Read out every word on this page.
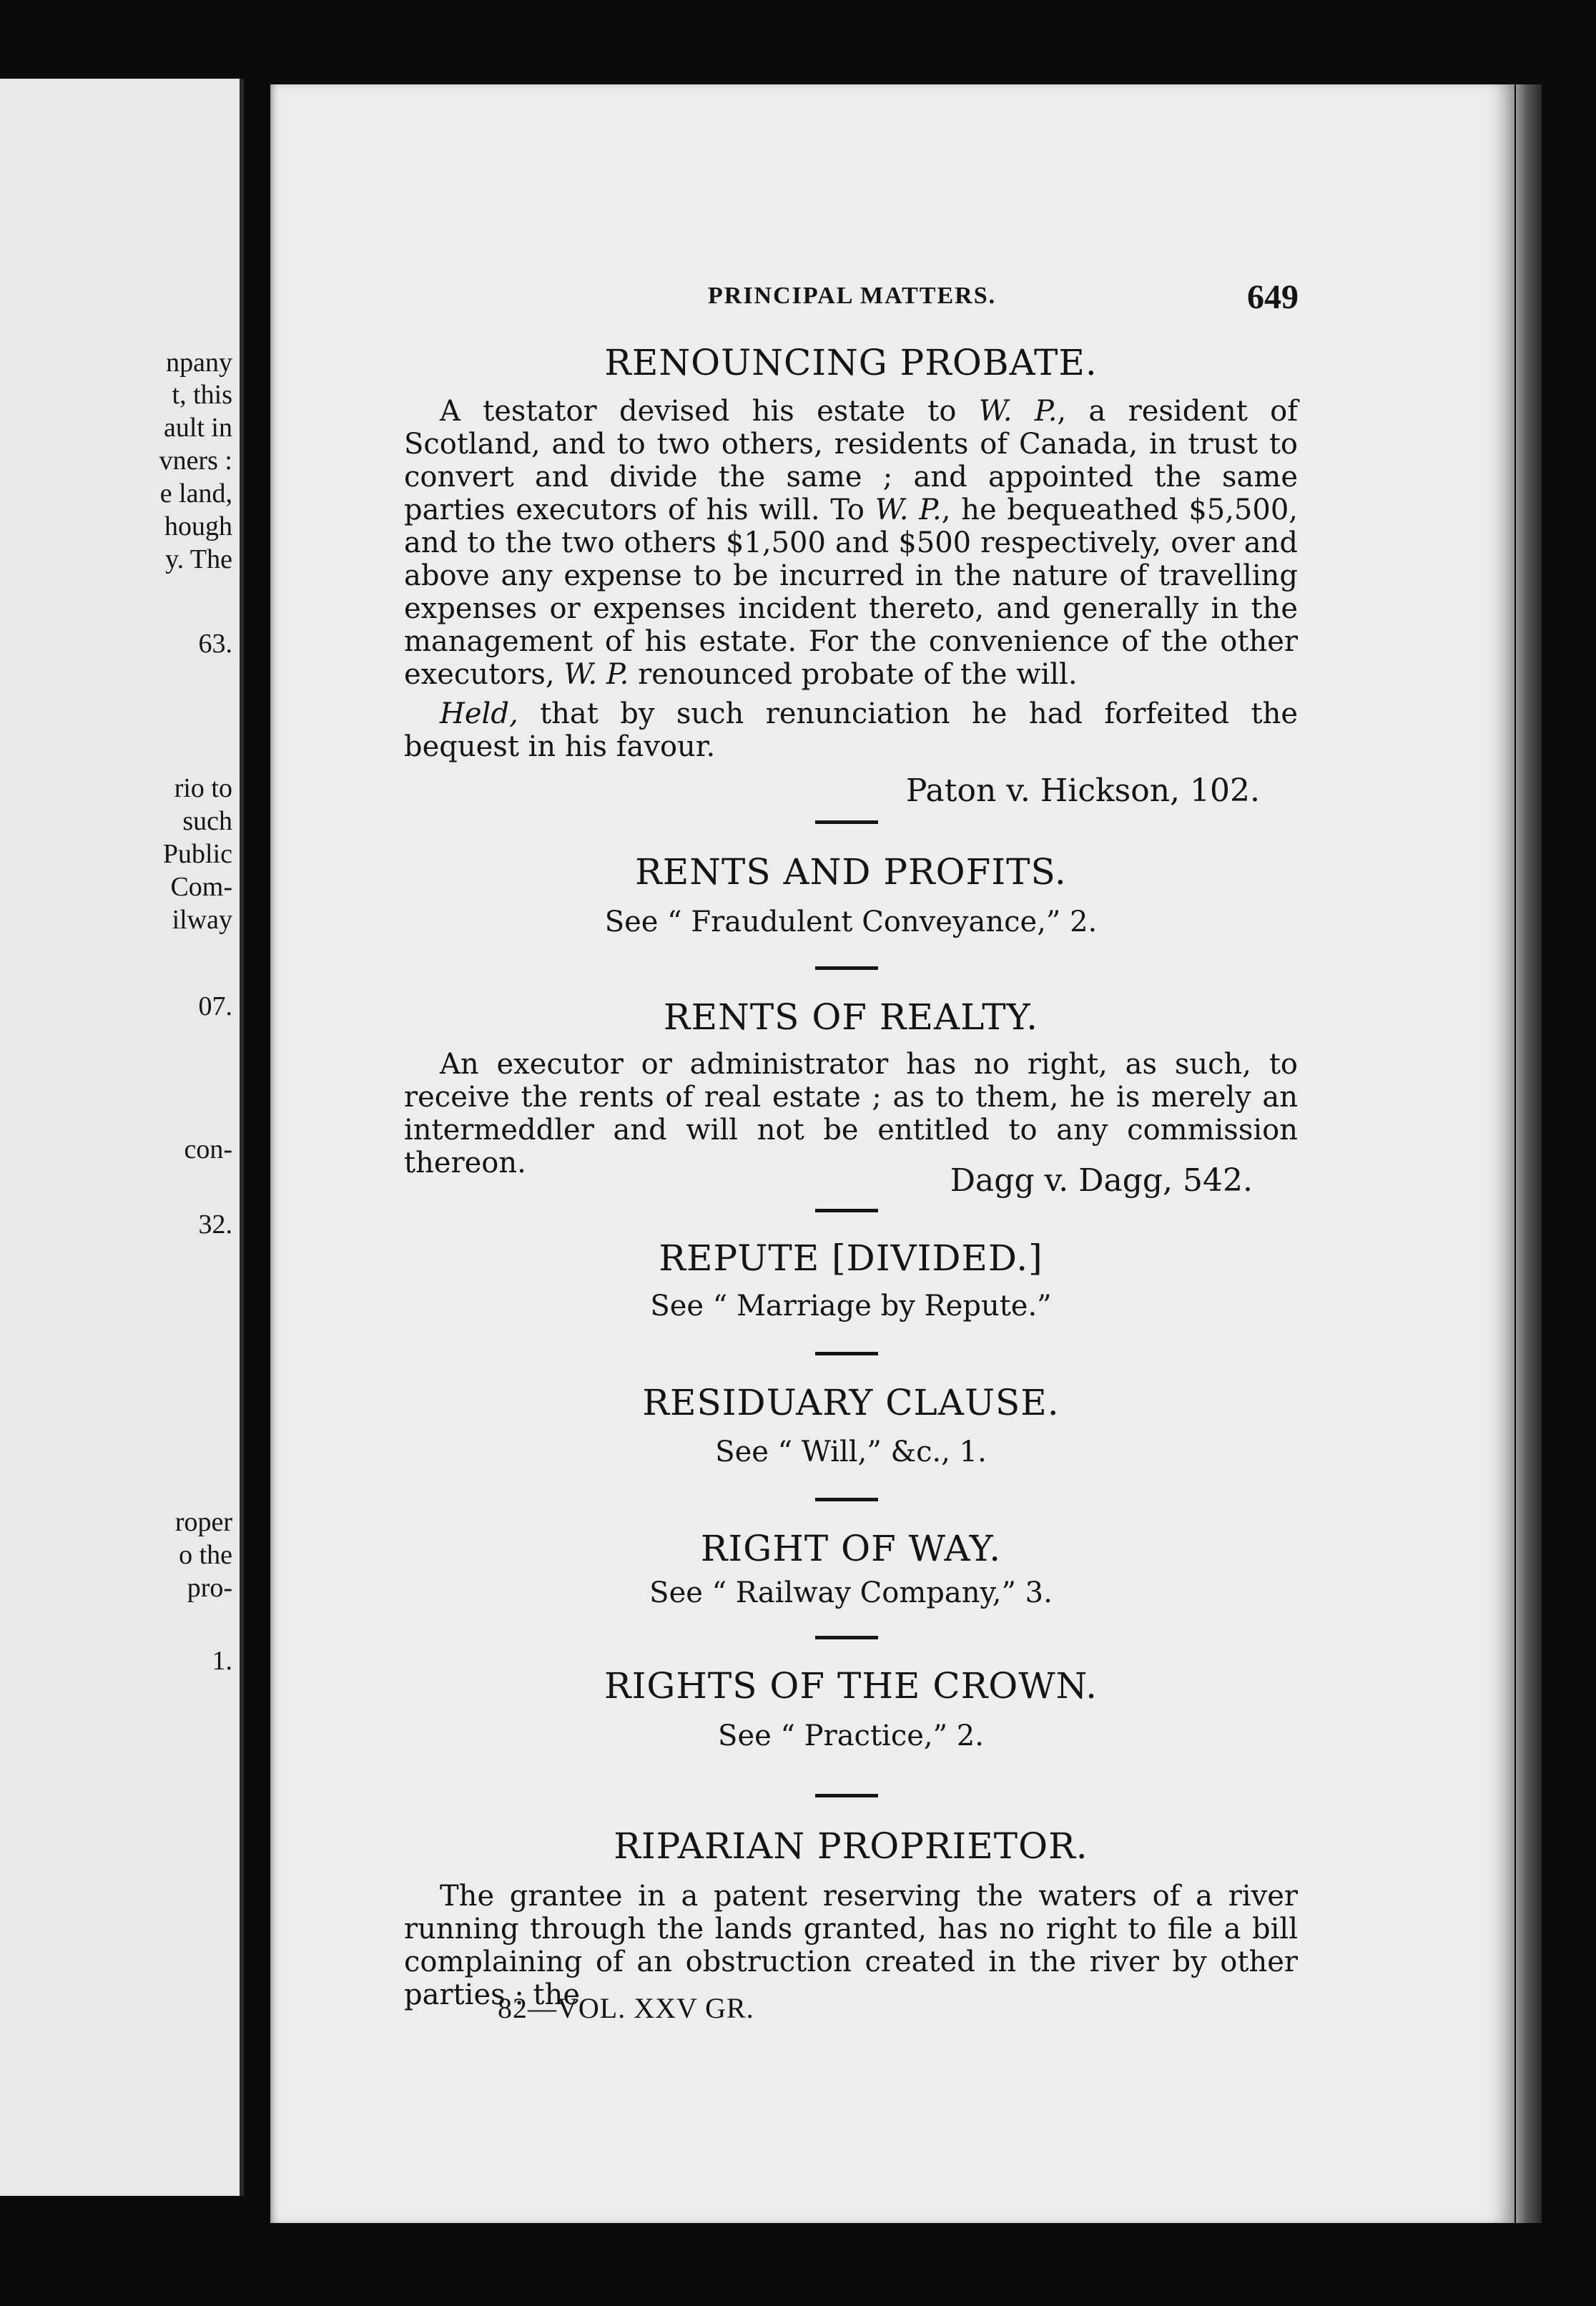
npany
t, this
ault in
vners :
e land,
hough
y. The
63.
rio to
such
Public
Com-
ilway
07.
con-
32.
roper
o the
pro-
1.
PRINCIPAL MATTERS.	649
RENOUNCING PROBATE.
A testator devised his estate to W. P., a resident of Scotland, and to two others, residents of Canada, in trust to convert and divide the same ; and appointed the same parties executors of his will. To W. P., he bequeathed $5,500, and to the two others $1,500 and $500 respectively, over and above any expense to be incurred in the nature of travelling expenses or expenses incident thereto, and generally in the management of his estate. For the convenience of the other executors, W. P. renounced probate of the will.
Held, that by such renunciation he had forfeited the bequest in his favour.
Paton v. Hickson, 102.
RENTS AND PROFITS.
See “ Fraudulent Conveyance,” 2.
RENTS OF REALTY.
An executor or administrator has no right, as such, to receive the rents of real estate ; as to them, he is merely an intermeddler and will not be entitled to any commission thereon.	Dagg v. Dagg, 542.
REPUTE [DIVIDED.]
See “ Marriage by Repute.”
RESIDUARY CLAUSE.
See “ Will,” &c., 1.
RIGHT OF WAY.
See “ Railway Company,” 3.
RIGHTS OF THE CROWN.
See “ Practice,” 2.
RIPARIAN PROPRIETOR.
The grantee in a patent reserving the waters of a river running through the lands granted, has no right to file a bill complaining of an obstruction created in the river by other parties : the
82—VOL. XXV GR.
